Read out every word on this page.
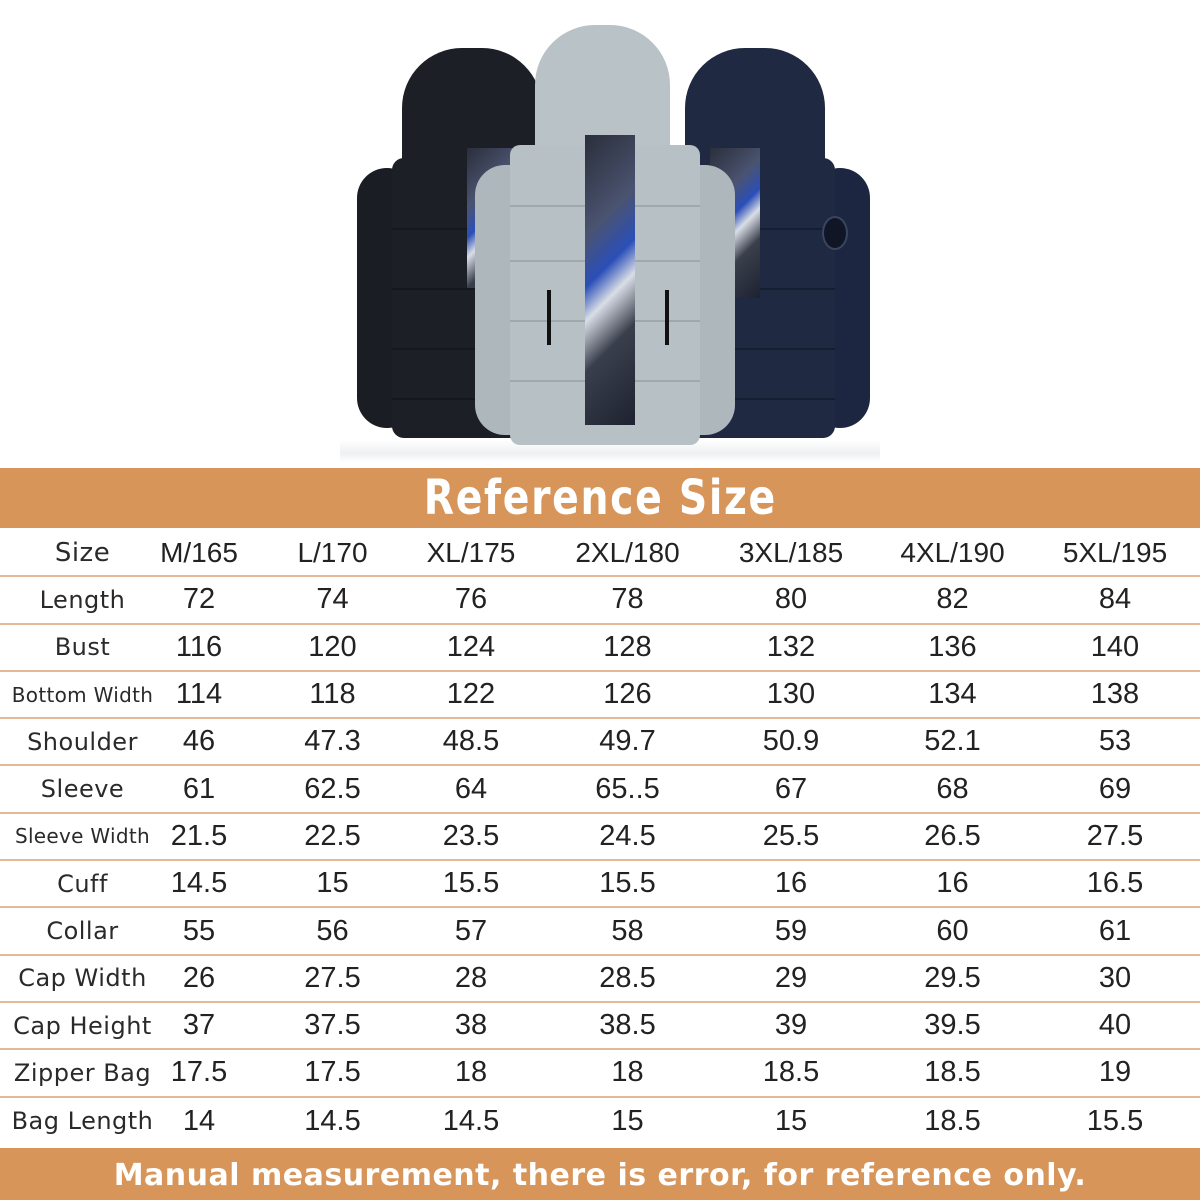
Reference Size
Size	M/165	L/170	XL/175	2XL/180	3XL/185	4XL/190	5XL/195
Length	72	74	76	78	80	82	84
Bust	116	120	124	128	132	136	140
Bottom Width 114	118	122	126	130	134	138
Shoulder	46	47.3	48.5	49.7	50.9	52.1	53
Sleeve	61	62.5	64	65..5	67	68	69
Sleeve Width 21.5	22.5	23.5	24.5	25.5	26.5	27.5
Cuff	14.5	15	15.5	15.5	16	16	16.5
Collar	55	56	57	58	59	60	61
Cap Width	26	27.5	28	28.5	29	29.5	30
Cap Height	37	37.5	38	38.5	39	39.5	40
Zipper Bag 17.5	17.5	18	18	18.5	18.5	19
Bag Length	14	14.5	14.5	15	15	18.5	15.5
Manual measurement, there is error, for reference only.
